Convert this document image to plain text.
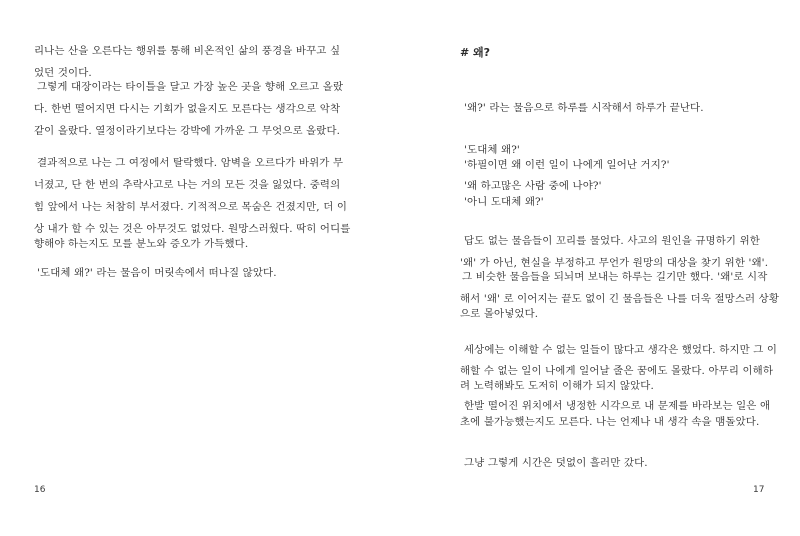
리나는 산을 오른다는 행위를 통해 비온적인 삶의 풍경을 바꾸고 싶
었던 것이다.
그렇게 대장이라는 타이틀을 달고 가장 높은 곳을 향해 오르고 올랐
다. 한번 떨어지면 다시는 기회가 없을지도 모른다는 생각으로 악착
같이 올랐다. 열정이라기보다는 강박에 가까운 그 무엇으로 올랐다.
결과적으로 나는 그 여정에서 탈락했다. 암벽을 오르다가 바위가 무
너졌고, 단 한 번의 추락사고로 나는 거의 모든 것을 잃었다. 중력의
힘 앞에서 나는 처참히 부서졌다. 기적적으로 목숨은 건졌지만, 더 이
상 내가 할 수 있는 것은 아무것도 없었다. 원망스러웠다. 딱히 어디를
향해야 하는지도 모를 분노와 증오가 가득했다.
'도대체 왜?' 라는 물음이 머릿속에서 떠나질 않았다.
16
# 왜?
'왜?' 라는 물음으로 하루를 시작해서 하루가 끝난다.
'도대체 왜?'
'하필이면 왜 이런 일이 나에게 일어난 거지?'
'왜 하고많은 사람 중에 나야?'
'아니 도대체 왜?'
답도 없는 물음들이 꼬리를 물었다. 사고의 원인을 규명하기 위한
'왜' 가 아닌, 현실을 부정하고 무언가 원망의 대상을 찾기 위한 '왜'.
그 비슷한 물음들을 되뇌며 보내는 하루는 길기만 했다. '왜'로 시작
해서 '왜' 로 이어지는 끝도 없이 긴 물음들은 나를 더욱 절망스러 상황
으로 몰아넣었다.
세상에는 이해할 수 없는 일들이 많다고 생각은 했었다. 하지만 그 이
해할 수 없는 일이 나에게 일어날 줄은 꿈에도 몰랐다. 아무리 이해하
려 노력해봐도 도저히 이해가 되지 않았다.
한발 떨어진 위치에서 냉정한 시각으로 내 문제를 바라보는 일은 애
초에 불가능했는지도 모른다. 나는 언제나 내 생각 속을 맴돌았다.
그냥 그렇게 시간은 덧없이 흘러만 갔다.
17
